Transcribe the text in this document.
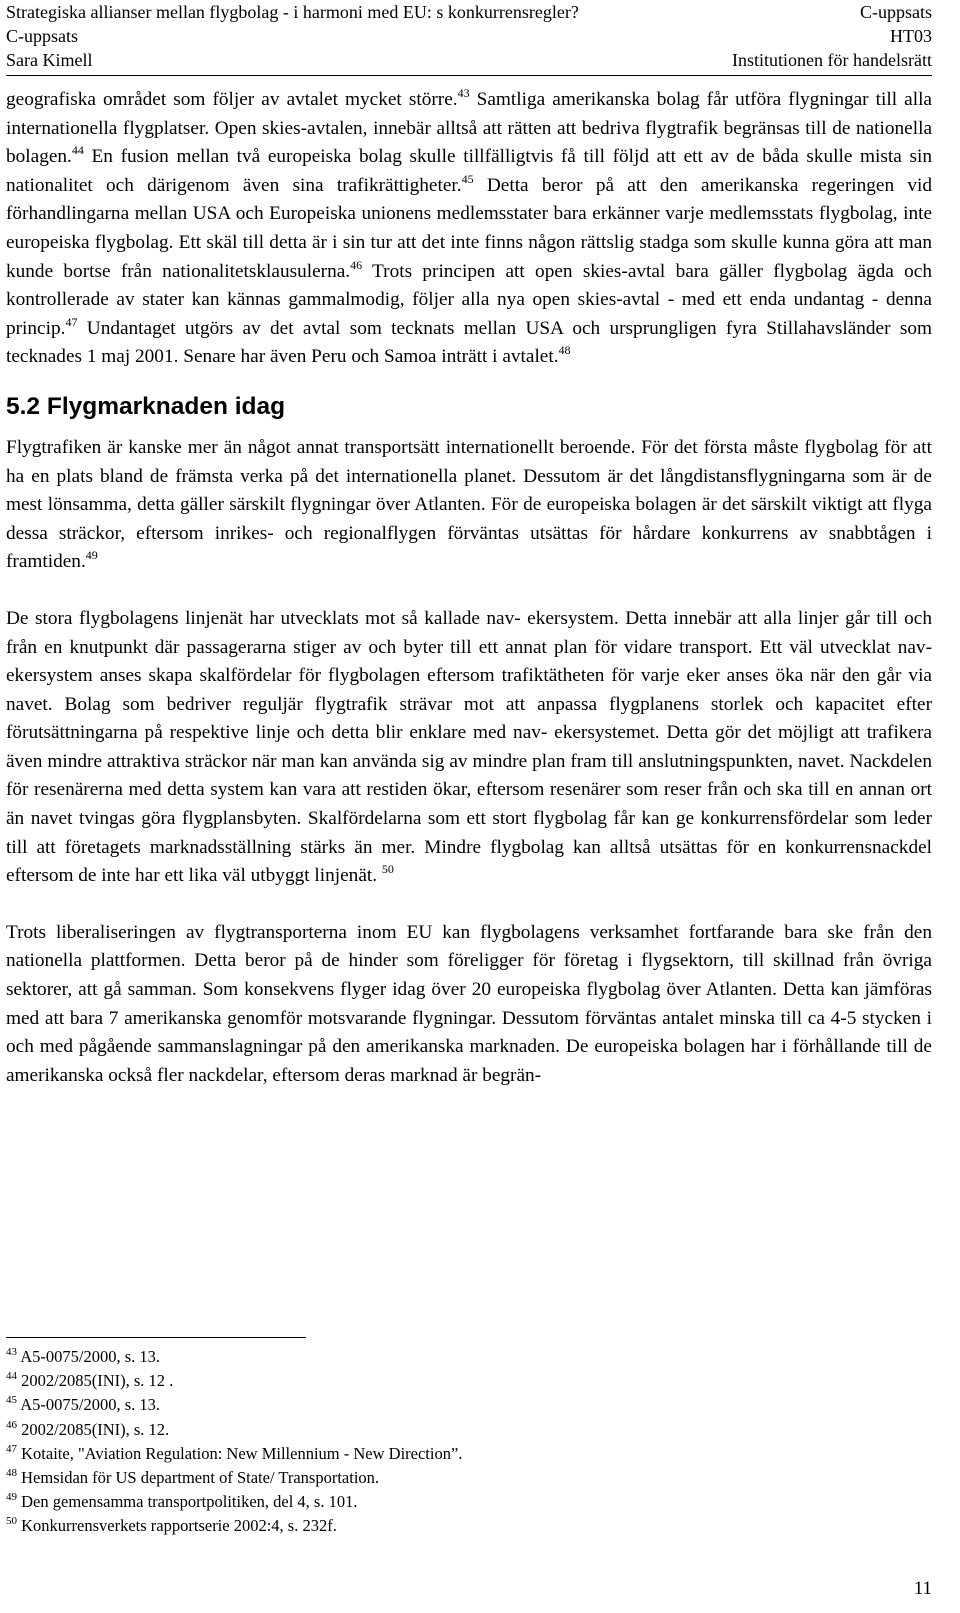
Strategiska allianser mellan flygbolag - i harmoni med EU: s konkurrensregler?	C-uppsats
C-uppsats	HT03
Sara Kimell	Institutionen för handelsrätt

geografiska området som följer av avtalet mycket större.$^{43}$ Samtliga amerikanska bolag får utföra flygningar till alla internationella flygplatser. Open skies-avtalen, innebär alltså att rätten att bedriva flygtrafik begränsas till de nationella bolagen.$^{44}$ En fusion mellan två europeiska bolag skulle tillfälligtvis få till följd att ett av de båda skulle mista sin nationalitet och därigenom även sina trafikrättigheter.$^{45}$ Detta beror på att den amerikanska regeringen vid förhandlingarna mellan USA och Europeiska unionens medlemsstater bara erkänner varje medlemsstats flygbolag, inte europeiska flygbolag. Ett skäl till detta är i sin tur att det inte finns någon rättslig stadga som skulle kunna göra att man kunde bortse från nationalitetsklausulerna.$^{46}$ Trots principen att open skies-avtal bara gäller flygbolag ägda och kontrollerade av stater kan kännas gammalmodig, följer alla nya open skies-avtal - med ett enda undantag - denna princip.$^{47}$ Undantaget utgörs av det avtal som tecknats mellan USA och ursprungligen fyra Stillahavsländer som tecknades 1 maj 2001. Senare har även Peru och Samoa inträtt i avtalet.$^{48}$

5.2 Flygmarknaden idag

Flygtrafiken är kanske mer än något annat transportsätt internationellt beroende. För det första måste flygbolag för att ha en plats bland de främsta verka på det internationella planet. Dessutom är det långdistansflygningarna som är de mest lönsamma, detta gäller särskilt flygningar över Atlanten. För de europeiska bolagen är det särskilt viktigt att flyga dessa sträckor, eftersom inrikes- och regionalflygen förväntas utsättas för hårdare konkurrens av snabbtågen i framtiden.$^{49}$

De stora flygbolagens linjenät har utvecklats mot så kallade nav- ekersystem. Detta innebär att alla linjer går till och från en knutpunkt där passagerarna stiger av och byter till ett annat plan för vidare transport. Ett väl utvecklat nav- ekersystem anses skapa skalfördelar för flygbolagen eftersom trafiktätheten för varje eker anses öka när den går via navet. Bolag som bedriver reguljär flygtrafik strävar mot att anpassa flygplanens storlek och kapacitet efter förutsättningarna på respektive linje och detta blir enklare med nav- ekersystemet. Detta gör det möjligt att trafikera även mindre attraktiva sträckor när man kan använda sig av mindre plan fram till anslutningspunkten, navet. Nackdelen för resenärerna med detta system kan vara att restiden ökar, eftersom resenärer som reser från och ska till en annan ort än navet tvingas göra flygplansbyten. Skalfördelarna som ett stort flygbolag får kan ge konkurrensfördelar som leder till att företagets marknadsställning stärks än mer. Mindre flygbolag kan alltså utsättas för en konkurrensnackdel eftersom de inte har ett lika väl utbyggt linjenät. $^{50}$

Trots liberaliseringen av flygtransporterna inom EU kan flygbolagens verksamhet fortfarande bara ske från den nationella plattformen. Detta beror på de hinder som föreligger för företag i flygsektorn, till skillnad från övriga sektorer, att gå samman. Som konsekvens flyger idag över 20 europeiska flygbolag över Atlanten. Detta kan jämföras med att bara 7 amerikanska genomför motsvarande flygningar. Dessutom förväntas antalet minska till ca 4-5 stycken i och med pågående sammanslagningar på den amerikanska marknaden. De europeiska bolagen har i förhållande till de amerikanska också fler nackdelar, eftersom deras marknad är begrän-

$^{43}$ A5-0075/2000, s. 13.
$^{44}$ 2002/2085(INI), s. 12 .
$^{45}$ A5-0075/2000, s. 13.
$^{46}$ 2002/2085(INI), s. 12.
$^{47}$ Kotaite, "Aviation Regulation: New Millennium - New Direction”.
$^{48}$ Hemsidan för US department of State/ Transportation.
$^{49}$ Den gemensamma transportpolitiken, del 4, s. 101.
$^{50}$ Konkurrensverkets rapportserie 2002:4, s. 232f.
11
